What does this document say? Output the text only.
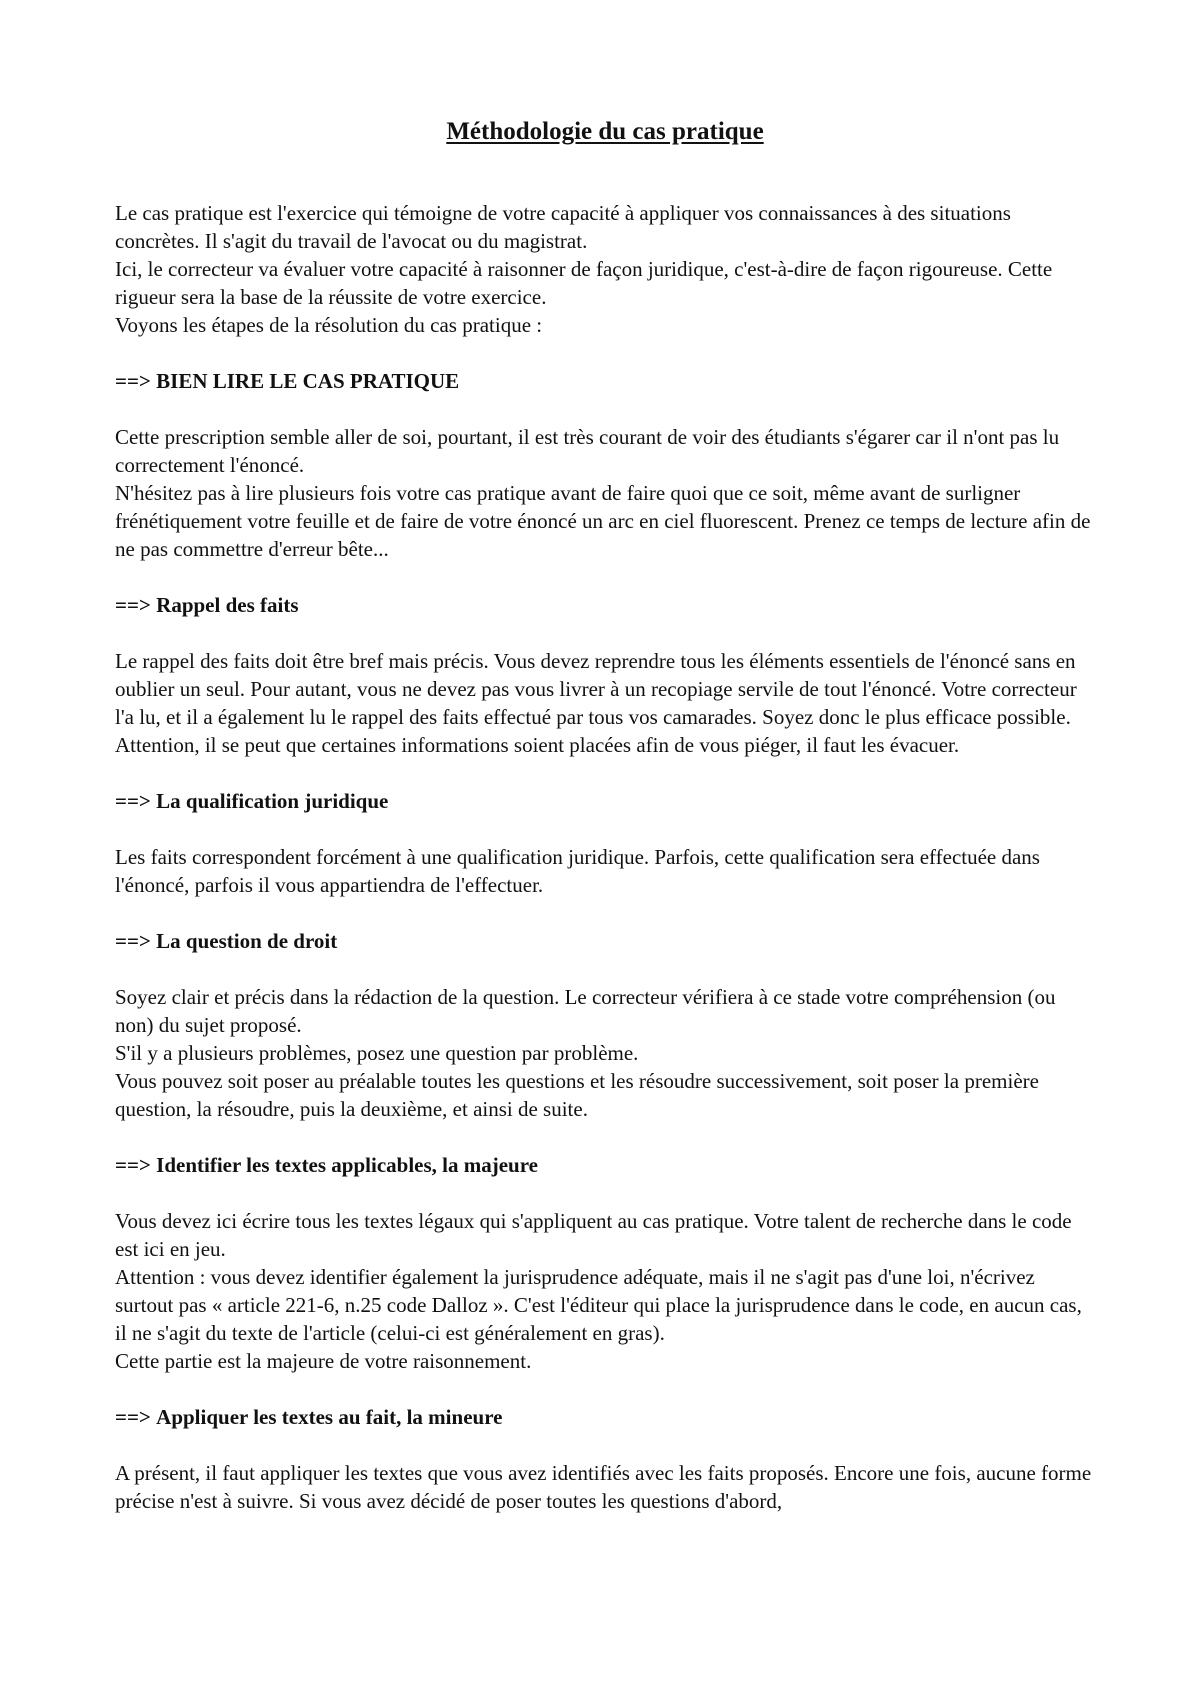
Méthodologie du cas pratique

Le cas pratique est l'exercice qui témoigne de votre capacité à appliquer vos connaissances à des situations concrètes. Il s'agit du travail de l'avocat ou du magistrat.

Ici, le correcteur va évaluer votre capacité à raisonner de façon juridique, c'est-à-dire de façon rigoureuse. Cette rigueur sera la base de la réussite de votre exercice.

Voyons les étapes de la résolution du cas pratique :

==> BIEN LIRE LE CAS PRATIQUE

Cette prescription semble aller de soi, pourtant, il est très courant de voir des étudiants s'égarer car il n'ont pas lu correctement l'énoncé.

N'hésitez pas à lire plusieurs fois votre cas pratique avant de faire quoi que ce soit, même avant de surligner frénétiquement votre feuille et de faire de votre énoncé un arc en ciel fluorescent. Prenez ce temps de lecture afin de ne pas commettre d'erreur bête...

==> Rappel des faits

Le rappel des faits doit être bref mais précis. Vous devez reprendre tous les éléments essentiels de l'énoncé sans en oublier un seul. Pour autant, vous ne devez pas vous livrer à un recopiage servile de tout l'énoncé. Votre correcteur l'a lu, et il a également lu le rappel des faits effectué par tous vos camarades. Soyez donc le plus efficace possible.

Attention, il se peut que certaines informations soient placées afin de vous piéger, il faut les évacuer.

==> La qualification juridique

Les faits correspondent forcément à une qualification juridique. Parfois, cette qualification sera effectuée dans l'énoncé, parfois il vous appartiendra de l'effectuer.

==> La question de droit

Soyez clair et précis dans la rédaction de la question. Le correcteur vérifiera à ce stade votre compréhension (ou non) du sujet proposé.

S'il y a plusieurs problèmes, posez une question par problème.

Vous pouvez soit poser au préalable toutes les questions et les résoudre successivement, soit poser la première question, la résoudre, puis la deuxième, et ainsi de suite.

==> Identifier les textes applicables, la majeure

Vous devez ici écrire tous les textes légaux qui s'appliquent au cas pratique. Votre talent de recherche dans le code est ici en jeu.

Attention : vous devez identifier également la jurisprudence adéquate, mais il ne s'agit pas d'une loi, n'écrivez surtout pas « article 221-6, n.25 code Dalloz ». C'est l'éditeur qui place la jurisprudence dans le code, en aucun cas, il ne s'agit du texte de l'article (celui-ci est généralement en gras).

Cette partie est la majeure de votre raisonnement.

==> Appliquer les textes au fait, la mineure

A présent, il faut appliquer les textes que vous avez identifiés avec les faits proposés. Encore une fois, aucune forme précise n'est à suivre. Si vous avez décidé de poser toutes les questions d'abord,
